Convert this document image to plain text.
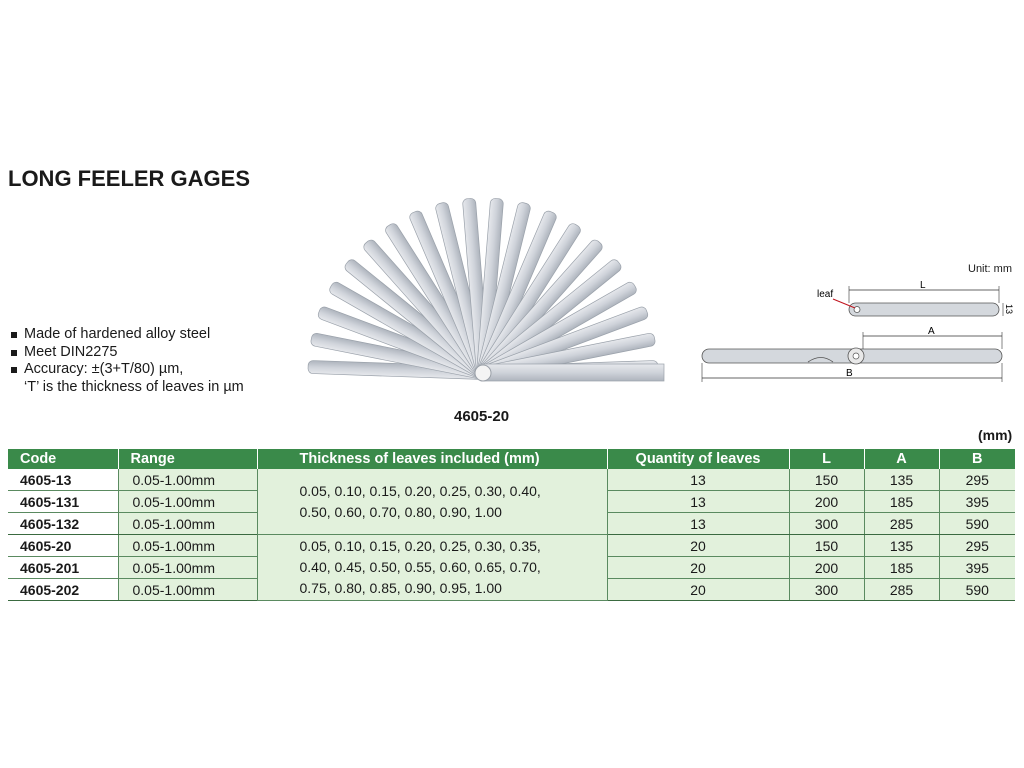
LONG FEELER GAGES
Made of hardened alloy steel
Meet DIN2275
Accuracy: ±(3+T/80) µm,
‘T’ is the thickness of leaves in µm
4605-20
Unit: mm
leaf
L
13
A
B
(mm)
Code	Range	Thickness of leaves included (mm)	Quantity of leaves	L	A	B
4605-13	0.05-1.00mm	0.05, 0.10, 0.15, 0.20, 0.25, 0.30, 0.40,
0.50, 0.60, 0.70, 0.80, 0.90, 1.00	13	150	135	295
4605-131	0.05-1.00mm		13	200	185	395
4605-132	0.05-1.00mm		13	300	285	590
4605-20	0.05-1.00mm	0.05, 0.10, 0.15, 0.20, 0.25, 0.30, 0.35,
0.40, 0.45, 0.50, 0.55, 0.60, 0.65, 0.70,
0.75, 0.80, 0.85, 0.90, 0.95, 1.00	20	150	135	295
4605-201	0.05-1.00mm		20	200	185	395
4605-202	0.05-1.00mm		20	300	285	590
